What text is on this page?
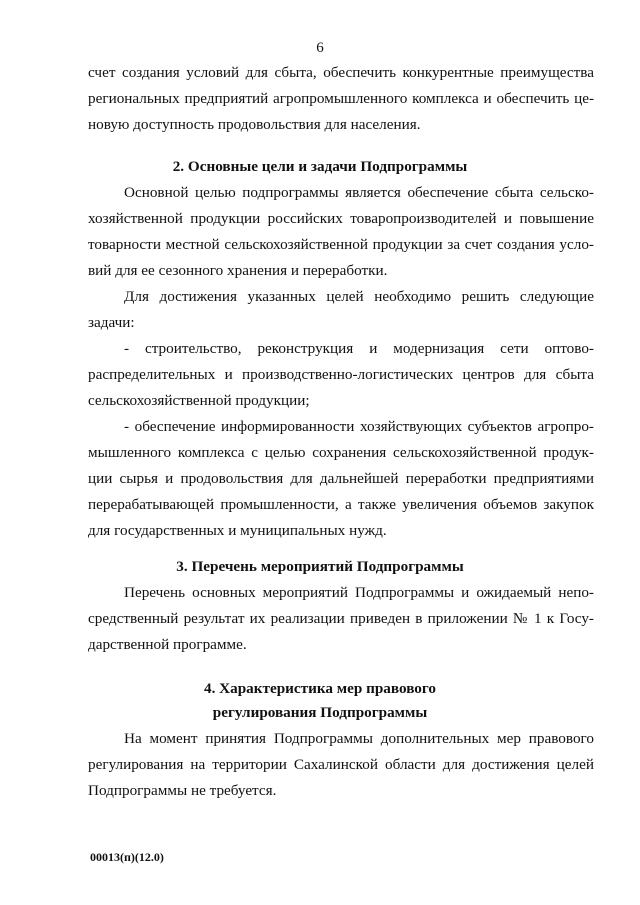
6
счет создания условий для сбыта, обеспечить конкурентные преимущества
региональных предприятий агропромышленного комплекса и обеспечить це-
новую доступность продовольствия для населения.
2. Основные цели и задачи Подпрограммы
Основной целью подпрограммы является обеспечение сбыта сельско-
хозяйственной продукции российских товаропроизводителей и повышение
товарности местной сельскохозяйственной продукции за счет создания усло-
вий для ее сезонного хранения и переработки.
Для достижения указанных целей необходимо решить следующие
задачи:
- строительство, реконструкция и модернизация сети оптово-
распределительных и производственно-логистических центров для сбыта
сельскохозяйственной продукции;
- обеспечение информированности хозяйствующих субъектов агропро-
мышленного комплекса с целью сохранения сельскохозяйственной продук-
ции сырья и продовольствия для дальнейшей переработки предприятиями
перерабатывающей промышленности, а также увеличения объемов закупок
для государственных и муниципальных нужд.
3. Перечень мероприятий Подпрограммы
Перечень основных мероприятий Подпрограммы и ожидаемый непо-
средственный результат их реализации приведен в приложении № 1 к Госу-
дарственной программе.
4. Характеристика мер правового
регулирования Подпрограммы
На момент принятия Подпрограммы дополнительных мер правового
регулирования на территории Сахалинской области для достижения целей
Подпрограммы не требуется.
00013(п)(12.0)
